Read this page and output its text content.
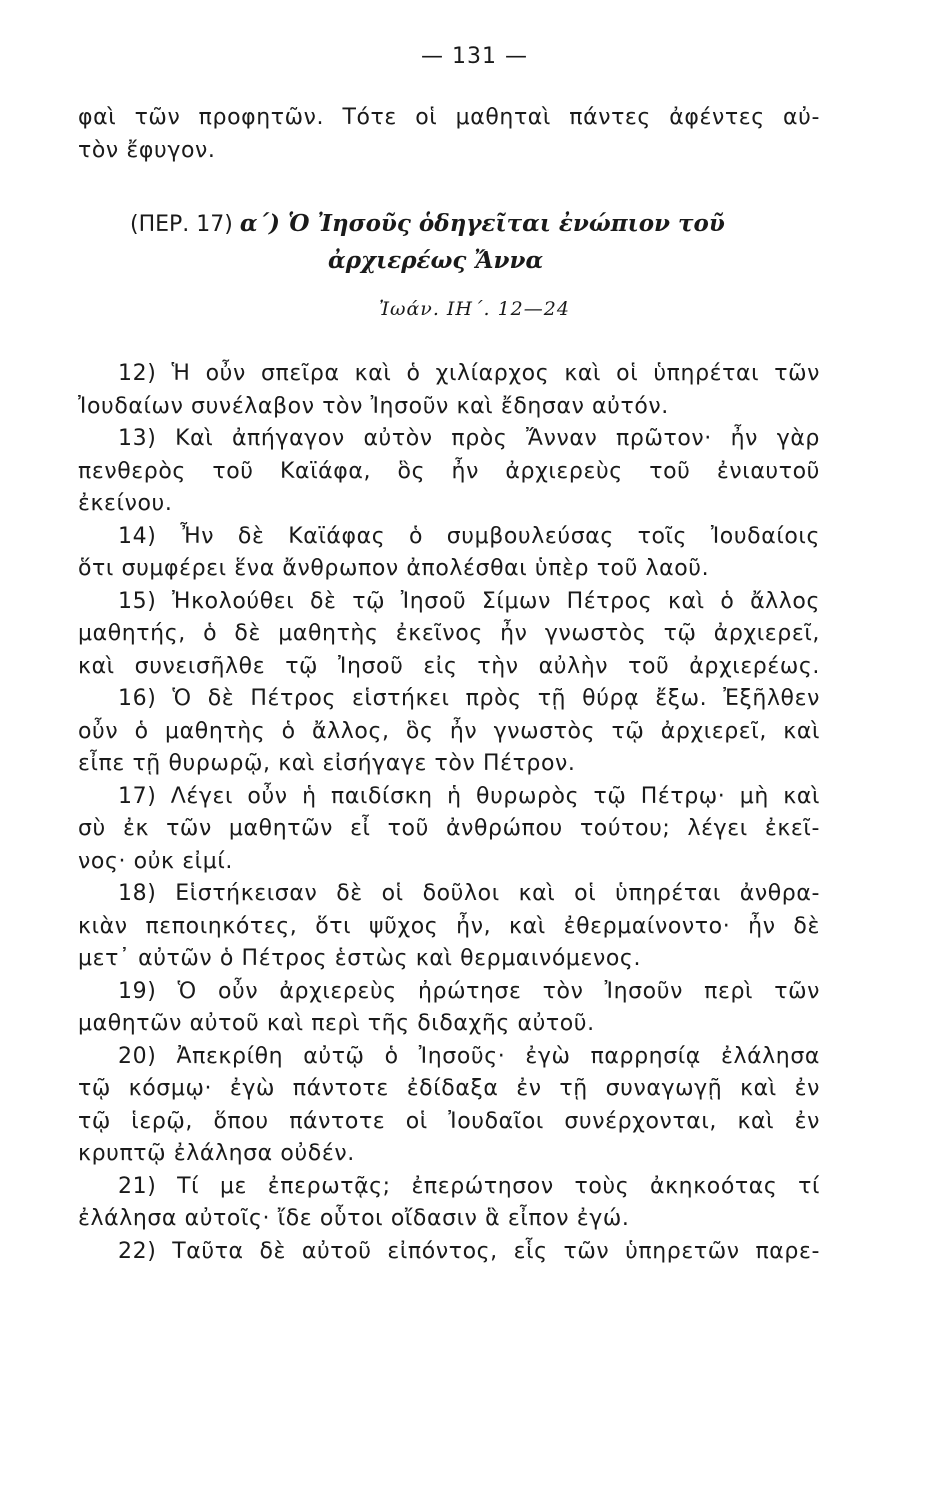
— 131 —
φαὶ τῶν προφητῶν. Τότε οἱ μαθηταὶ πάντες ἀφέντες αὐ-
τὸν ἔφυγον.
(ΠΕΡ. 17) α΄) Ὁ Ἰησοῦς ὁδηγεῖται ἐνώπιον τοῦ
ἀρχιερέως Ἄννα
Ἰωάν. ΙΗ΄. 12—24
12) Ἡ οὖν σπεῖρα καὶ ὁ χιλίαρχος καὶ οἱ ὑπηρέται τῶν
Ἰουδαίων συνέλαβον τὸν Ἰησοῦν καὶ ἔδησαν αὐτόν.
13) Καὶ ἀπήγαγον αὐτὸν πρὸς Ἄνναν πρῶτον· ἦν γὰρ
πενθερὸς τοῦ Καϊάφα, ὃς ἦν ἀρχιερεὺς τοῦ ἐνιαυτοῦ
ἐκείνου.
14) Ἦν δὲ Καϊάφας ὁ συμβουλεύσας τοῖς Ἰουδαίοις
ὅτι συμφέρει ἕνα ἄνθρωπον ἀπολέσθαι ὑπὲρ τοῦ λαοῦ.
15) Ἠκολούθει δὲ τῷ Ἰησοῦ Σίμων Πέτρος καὶ ὁ ἄλλος
μαθητής, ὁ δὲ μαθητὴς ἐκεῖνος ἦν γνωστὸς τῷ ἀρχιερεῖ,
καὶ συνεισῆλθε τῷ Ἰησοῦ εἰς τὴν αὐλὴν τοῦ ἀρχιερέως.
16) Ὁ δὲ Πέτρος εἱστήκει πρὸς τῇ θύρᾳ ἔξω. Ἐξῆλθεν
οὖν ὁ μαθητὴς ὁ ἄλλος, ὃς ἦν γνωστὸς τῷ ἀρχιερεῖ, καὶ
εἶπε τῇ θυρωρῷ, καὶ εἰσήγαγε τὸν Πέτρον.
17) Λέγει οὖν ἡ παιδίσκη ἡ θυρωρὸς τῷ Πέτρῳ· μὴ καὶ
σὺ ἐκ τῶν μαθητῶν εἶ τοῦ ἀνθρώπου τούτου; λέγει ἐκεῖ-
νος· οὐκ εἰμί.
18) Εἱστήκεισαν δὲ οἱ δοῦλοι καὶ οἱ ὑπηρέται ἀνθρα-
κιὰν πεποιηκότες, ὅτι ψῦχος ἦν, καὶ ἐθερμαίνοντο· ἦν δὲ
μετ᾽ αὐτῶν ὁ Πέτρος ἑστὼς καὶ θερμαινόμενος.
19) Ὁ οὖν ἀρχιερεὺς ἠρώτησε τὸν Ἰησοῦν περὶ τῶν
μαθητῶν αὐτοῦ καὶ περὶ τῆς διδαχῆς αὐτοῦ.
20) Ἀπεκρίθη αὐτῷ ὁ Ἰησοῦς· ἐγὼ παρρησίᾳ ἐλάλησα
τῷ κόσμῳ· ἐγὼ πάντοτε ἐδίδαξα ἐν τῇ συναγωγῇ καὶ ἐν
τῷ ἱερῷ, ὅπου πάντοτε οἱ Ἰουδαῖοι συνέρχονται, καὶ ἐν
κρυπτῷ ἐλάλησα οὐδέν.
21) Τί με ἐπερωτᾷς; ἐπερώτησον τοὺς ἀκηκοότας τί
ἐλάλησα αὐτοῖς· ἴδε οὗτοι οἴδασιν ἃ εἶπον ἐγώ.
22) Ταῦτα δὲ αὐτοῦ εἰπόντος, εἷς τῶν ὑπηρετῶν παρε-
